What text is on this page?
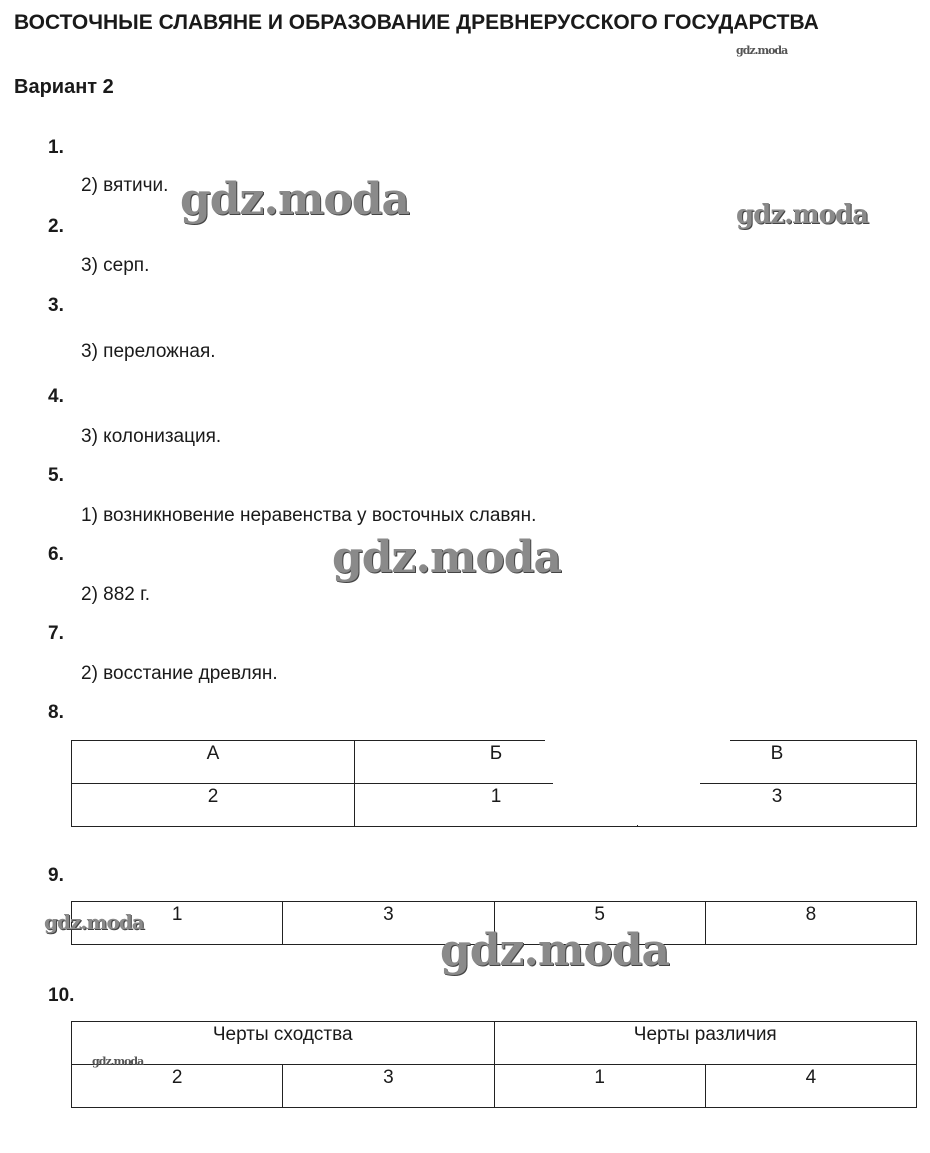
ВОСТОЧНЫЕ СЛАВЯНЕ И ОБРАЗОВАНИЕ ДРЕВНЕРУССКОГО ГОСУДАРСТВА
gdz.moda
Вариант 2
1.
2) вятичи.
2.
3) серп.
3.
3) переложная.
4.
3) колонизация.
5.
1) возникновение неравенства у восточных славян.
6.
2) 882 г.
7.
2) восстание древлян.
8.
А	Б	В
2	1	3
9.
1	3	5	8
10.
Черты сходства		Черты различия	
2	3	1	4
gdz.moda	gdz.moda
gdz.moda
gdz.moda
gdz.moda
gdz.moda
